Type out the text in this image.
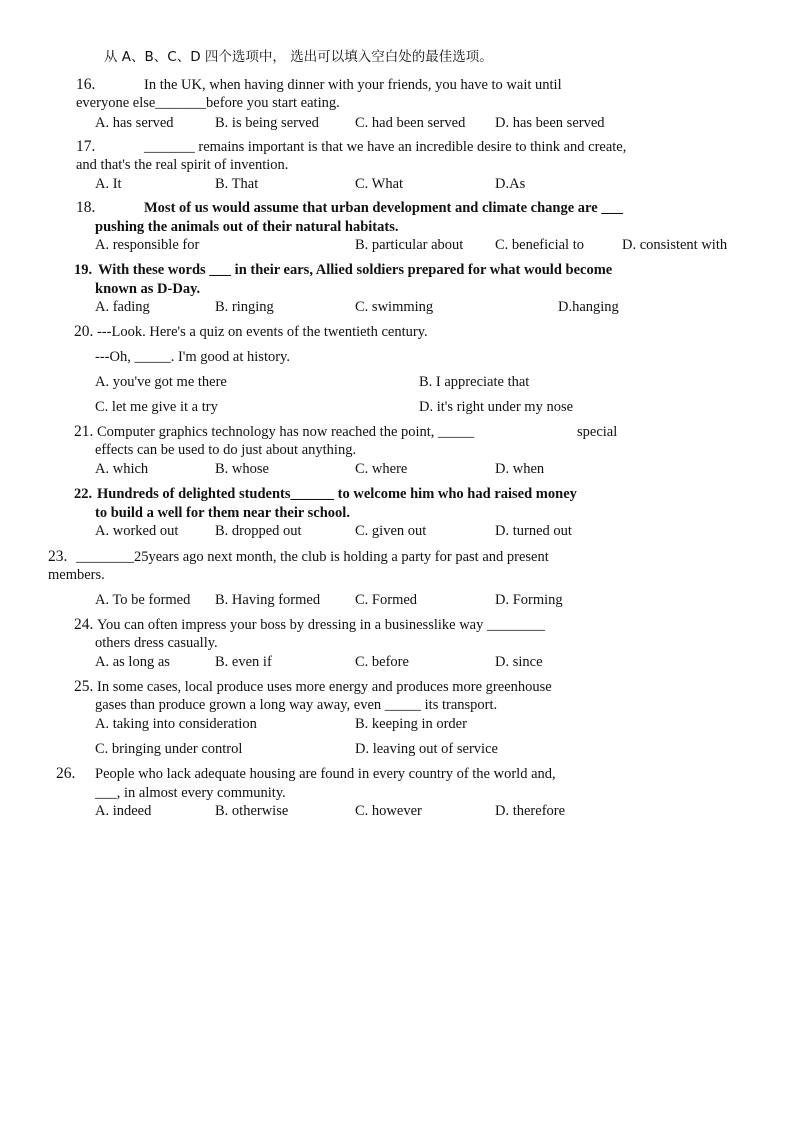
从 A、B、C、D 四个选项中， 选出可以填入空白处的最佳选项。
16.	In the UK, when having dinner with your friends, you have to wait until
everyone else_______before you start eating.
A. has served	B. is being served C. had been served D. has been served
17.	_______ remains important is that we have an incredible desire to think and create,
and that's the real spirit of invention.
A. It	B. That	C. What	D.As
18.	Most of us would assume that urban development and climate change are ___
pushing the animals out of their natural habitats.
A. responsible for	B. particular about C. beneficial to	D. consistent with
19. With these words ___ in their ears, Allied soldiers prepared for what would become
known as D-Day.
A. fading	B. ringing	C. swimming	D.hanging
20. ---Look. Here's a quiz on events of the twentieth century.
---Oh, _____. I'm good at history.
A. you've got me there	B. I appreciate that
C. let me give it a try	D. it's right under my nose
21. Computer graphics technology has now reached the point, _____	special
effects can be used to do just about anything.
A. which	B. whose	C. where	D. when
22. Hundreds of delighted students______ to welcome him who had raised money
to build a well for them near their school.
A. worked out	B. dropped out	C. given out	D. turned out
23. ________25years ago next month, the club is holding a party for past and present
members.
A. To be formed B. Having formed C. Formed	D. Forming
24. You can often impress your boss by dressing in a businesslike way ________
others dress casually.
A. as long as	B. even if	C. before	D. since
25. In some cases, local produce uses more energy and produces more greenhouse
gases than produce grown a long way away, even _____ its transport.
A. taking into consideration	B. keeping in order
C. bringing under control	D. leaving out of service
26. People who lack adequate housing are found in every country of the world and,
___, in almost every community.
A. indeed	B. otherwise	C. however	D. therefore
